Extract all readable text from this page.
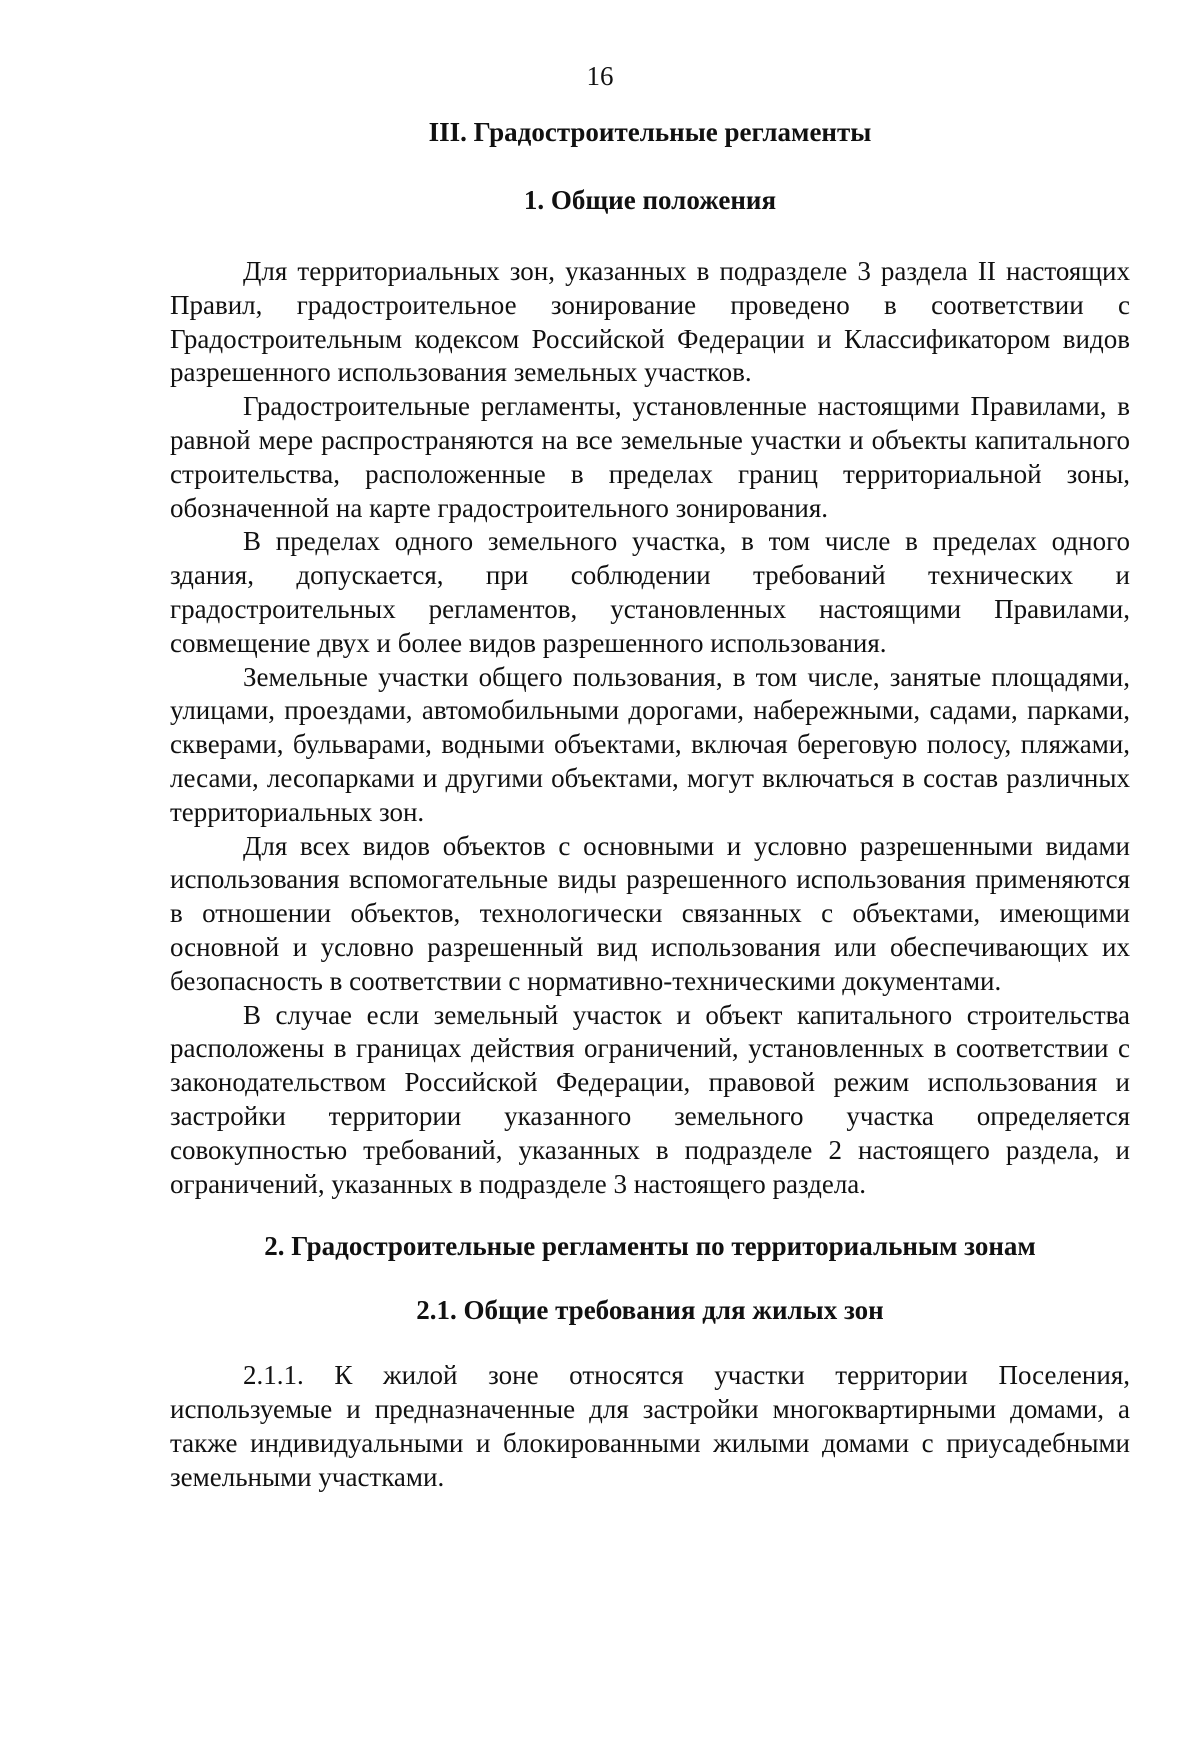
16
III. Градостроительные регламенты
1. Общие положения

Для территориальных зон, указанных в подразделе 3 раздела II настоящих Правил, градостроительное зонирование проведено в соответствии с Градостроительным кодексом Российской Федерации и Классификатором видов разрешенного использования земельных участков.

Градостроительные регламенты, установленные настоящими Правилами, в равной мере распространяются на все земельные участки и объекты капитального строительства, расположенные в пределах границ территориальной зоны, обозначенной на карте градостроительного зонирования.

В пределах одного земельного участка, в том числе в пределах одного здания, допускается, при соблюдении требований технических и градостроительных регламентов, установленных настоящими Правилами, совмещение двух и более видов разрешенного использования.

Земельные участки общего пользования, в том числе, занятые площадями, улицами, проездами, автомобильными дорогами, набережными, садами, парками, скверами, бульварами, водными объектами, включая береговую полосу, пляжами, лесами, лесопарками и другими объектами, могут включаться в состав различных территориальных зон.

Для всех видов объектов с основными и условно разрешенными видами использования вспомогательные виды разрешенного использования применяются в отношении объектов, технологически связанных с объектами, имеющими основной и условно разрешенный вид использования или обеспечивающих их безопасность в соответствии с нормативно-техническими документами.

В случае если земельный участок и объект капитального строительства расположены в границах действия ограничений, установленных в соответствии с законодательством Российской Федерации, правовой режим использования и застройки территории указанного земельного участка определяется совокупностью требований, указанных в подразделе 2 настоящего раздела, и ограничений, указанных в подразделе 3 настоящего раздела.

2. Градостроительные регламенты по территориальным зонам
2.1. Общие требования для жилых зон

2.1.1. К жилой зоне относятся участки территории Поселения, используемые и предназначенные для застройки многоквартирными домами, а также индивидуальными и блокированными жилыми домами с приусадебными земельными участками.
